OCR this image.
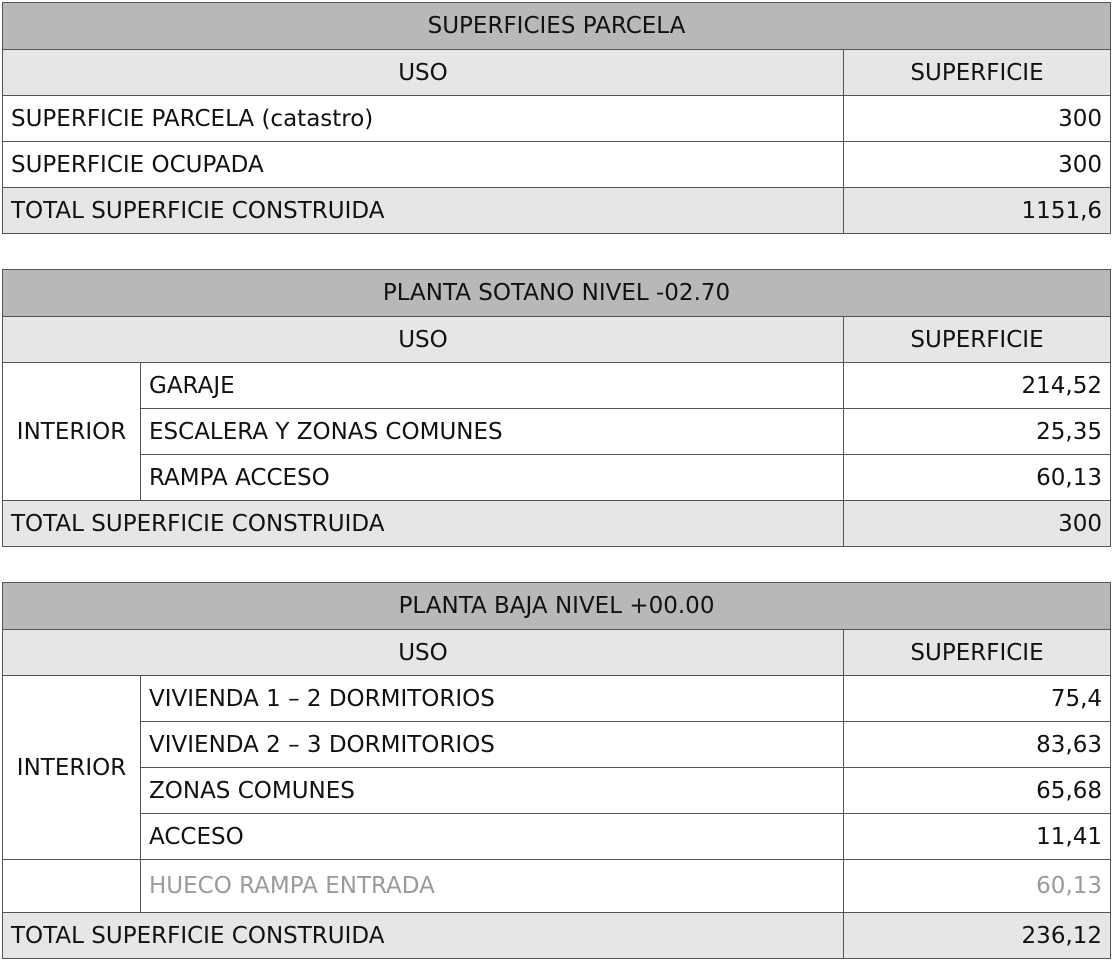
SUPERFICIES PARCELA	
USO	SUPERFICIE
SUPERFICIE PARCELA (catastro)	300
SUPERFICIE OCUPADA	300
TOTAL SUPERFICIE CONSTRUIDA	1151,6
PLANTA SOTANO NIVEL -02.70		
USO		SUPERFICIE
INTERIOR	GARAJE	214,52
	ESCALERA Y ZONAS COMUNES	25,35
	RAMPA ACCESO	60,13
TOTAL SUPERFICIE CONSTRUIDA		300
PLANTA BAJA NIVEL +00.00		
USO		SUPERFICIE
INTERIOR	VIVIENDA 1 – 2 DORMITORIOS	75,4
	VIVIENDA 2 – 3 DORMITORIOS	83,63
	ZONAS COMUNES	65,68
	ACCESO	11,41
	HUECO RAMPA ENTRADA	60,13
TOTAL SUPERFICIE CONSTRUIDA		236,12
